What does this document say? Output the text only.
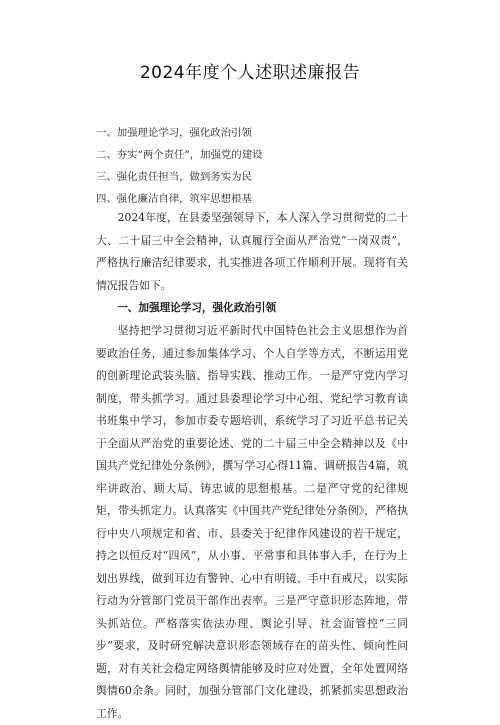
2024年度个人述职述廉报告
一、加强理论学习，强化政治引领
二、夯实“两个责任”，加强党的建设
三、强化责任担当，做到务实为民
四、强化廉洁自律，筑牢思想根基

2024年度，在县委坚强领导下，本人深入学习贯彻党的二十大、二十届三中全会精神，认真履行全面从严治党“一岗双责”，严格执行廉洁纪律要求，扎实推进各项工作顺利开展。现将有关情况报告如下。

一、加强理论学习，强化政治引领

坚持把学习贯彻习近平新时代中国特色社会主义思想作为首要政治任务，通过参加集体学习、个人自学等方式，不断运用党的创新理论武装头脑、指导实践、推动工作。一是严守党内学习制度，带头抓学习。通过县委理论学习中心组、党纪学习教育读书班集中学习，参加市委专题培训，系统学习了习近平总书记关于全面从严治党的重要论述、党的二十届三中全会精神以及《中国共产党纪律处分条例》，撰写学习心得11篇、调研报告4篇，筑牢讲政治、顾大局、铸忠诚的思想根基。二是严守党的纪律规矩，带头抓定力。认真落实《中国共产党纪律处分条例》，严格执行中央八项规定和省、市、县委关于纪律作风建设的若干规定，持之以恒反对“四风”，从小事、平常事和具体事入手，在行为上划出界线，做到耳边有警钟、心中有明镜、手中有戒尺，以实际行动为分管部门党员干部作出表率。三是严守意识形态阵地，带头抓站位。严格落实依法办理、舆论引导、社会面管控“三同步”要求，及时研究解决意识形态领域存在的苗头性、倾向性问题，对有关社会稳定网络舆情能够及时应对处置，全年处置网络舆情60余条。同时，加强分管部门文化建设，抓紧抓实思想政治工作。
